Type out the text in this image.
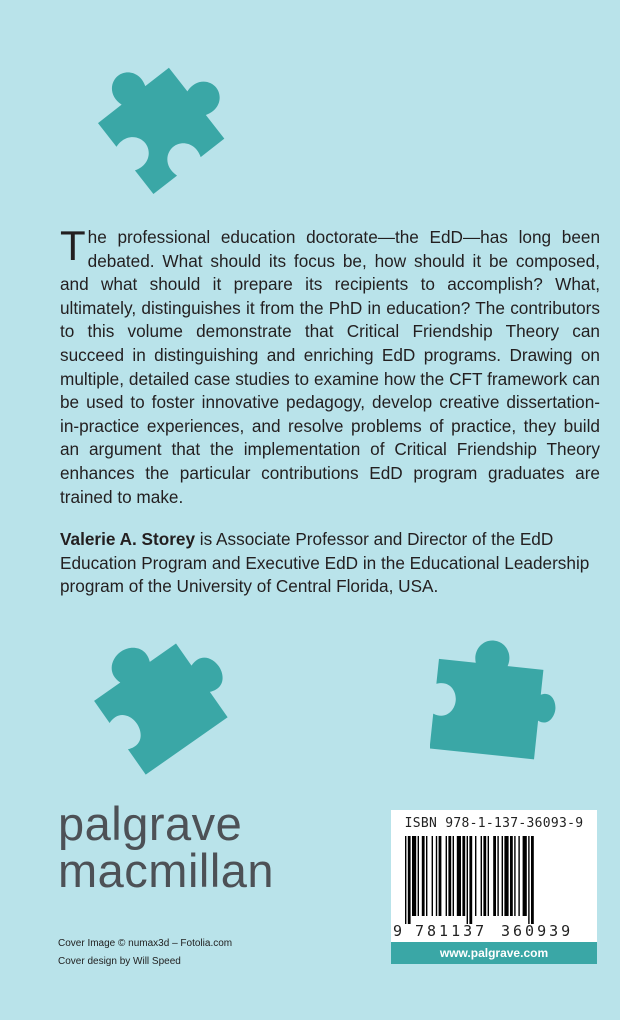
The professional education doctorate—the EdD—has long been debated. What should its focus be, how should it be composed, and what should it prepare its recipients to accomplish? What, ultimately, distinguishes it from the PhD in education? The contributors to this volume demonstrate that Critical Friendship Theory can succeed in distinguishing and enriching EdD programs. Drawing on multiple, detailed case studies to examine how the CFT framework can be used to foster innovative pedagogy, develop creative dissertation-in-practice experiences, and resolve problems of practice, they build an argument that the implementation of Critical Friendship Theory enhances the particular contributions EdD program graduates are trained to make.

Valerie A. Storey is Associate Professor and Director of the EdD Education Program and Executive EdD in the Educational Leadership program of the University of Central Florida, USA.

palgrave
macmillan
Cover Image © numax3d – Fotolia.com
Cover design by Will Speed
ISBN 978-1-137-36093-9
9 781137 360939
www.palgrave.com
